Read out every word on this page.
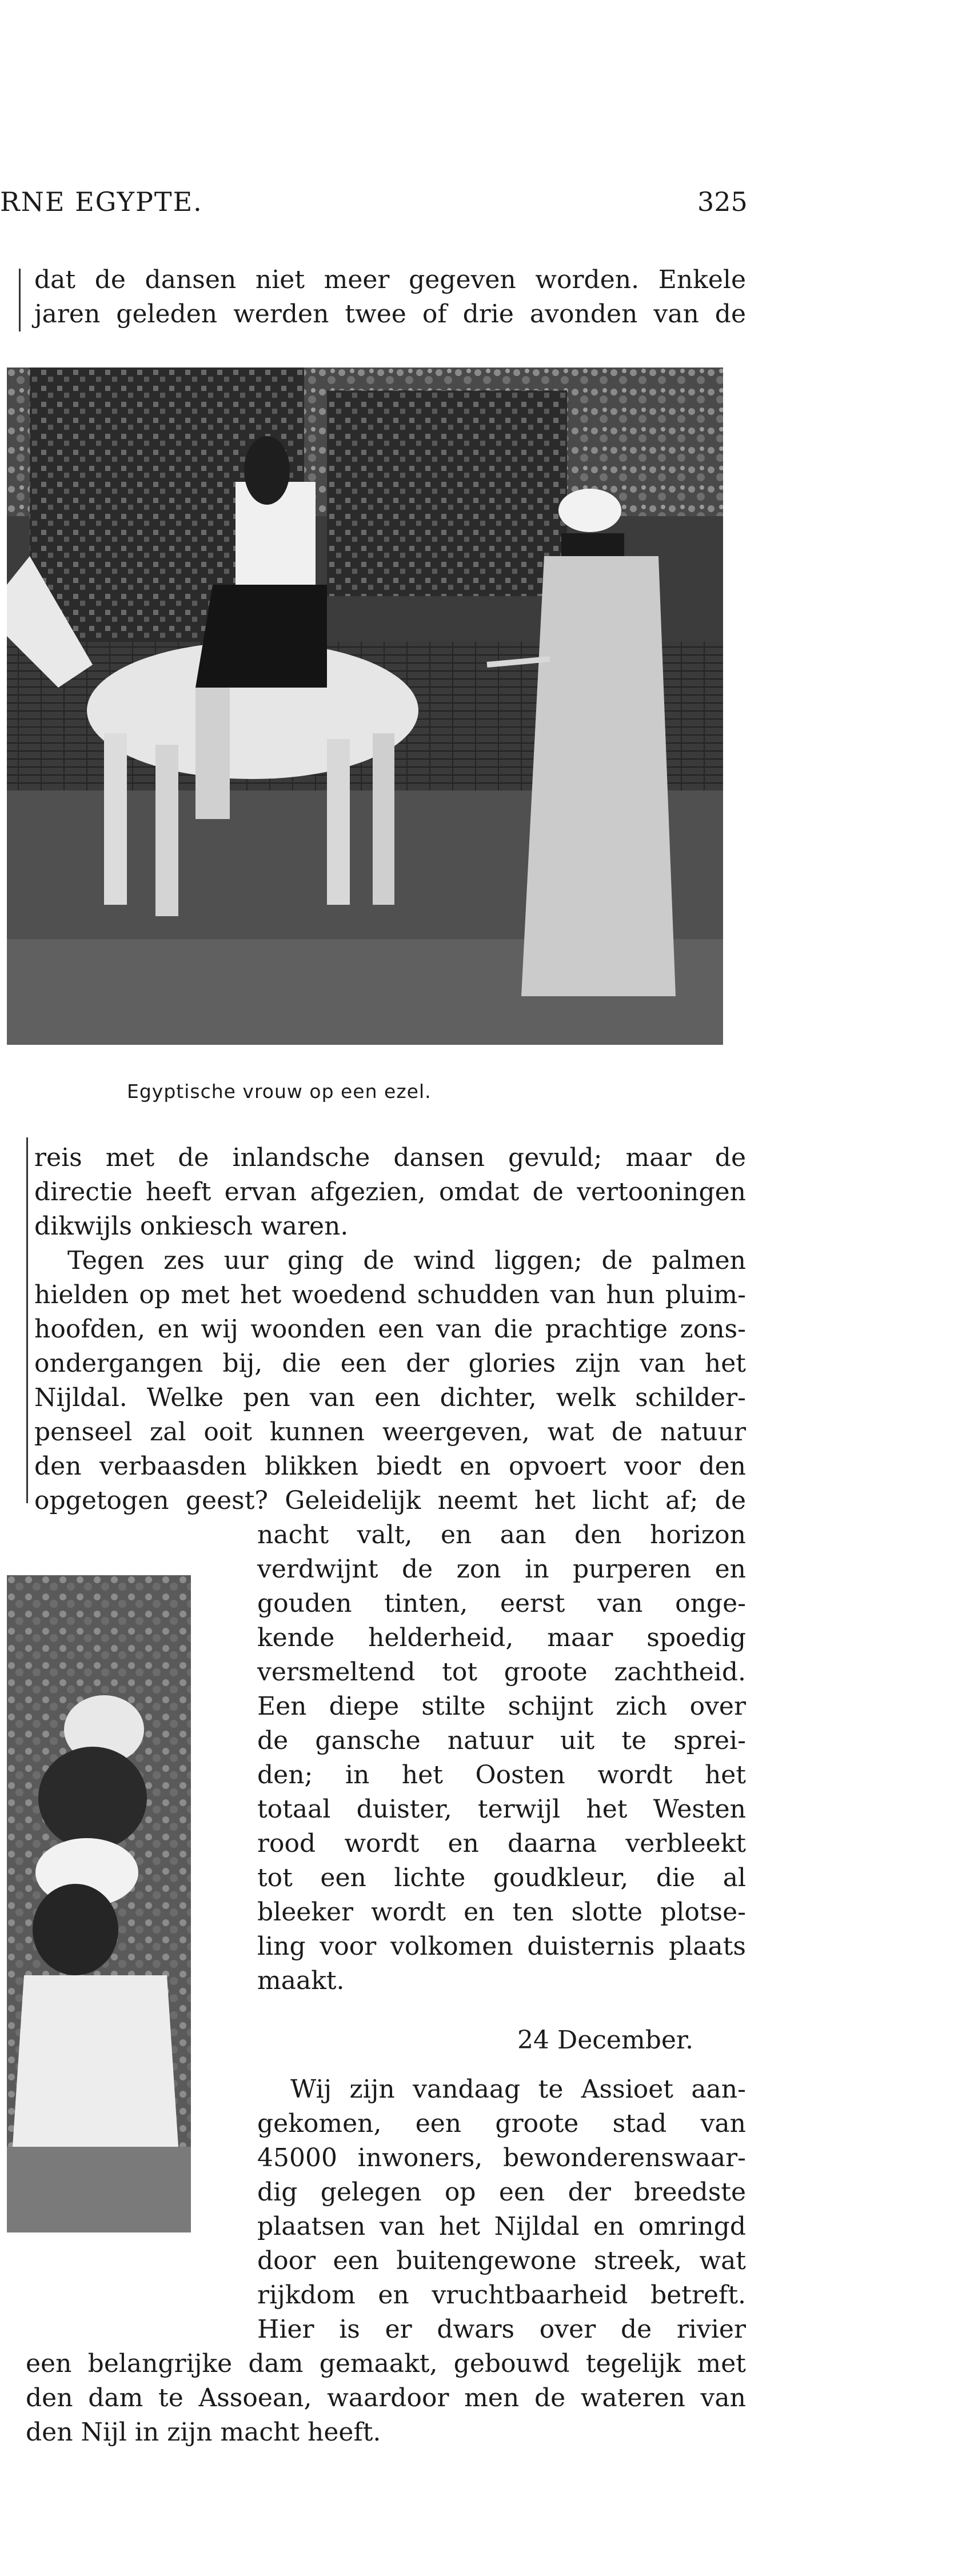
RNE EGYPTE.	325
dat de dansen niet meer gegeven worden. Enkele
jaren geleden werden twee of drie avonden van de
Egyptische vrouw op een ezel.
reis met de inlandsche dansen gevuld; maar de
directie heeft ervan afgezien, omdat de vertooningen
dikwijls onkiesch waren.
Tegen zes uur ging de wind liggen; de palmen
hielden op met het woedend schudden van hun pluim-
hoofden, en wij woonden een van die prachtige zons-
ondergangen bij, die een der glories zijn van het
Nijldal. Welke pen van een dichter, welk schilder-
penseel zal ooit kunnen weergeven, wat de natuur
den verbaasden blikken biedt en opvoert voor den
opgetogen geest? Geleidelijk neemt het licht af; de
nacht valt, en aan den horizon
verdwijnt de zon in purperen en
gouden tinten, eerst van onge-
kende helderheid, maar spoedig
versmeltend tot groote zachtheid.
Een diepe stilte schijnt zich over
de gansche natuur uit te sprei-
den; in het Oosten wordt het
totaal duister, terwijl het Westen
rood wordt en daarna verbleekt
tot een lichte goudkleur, die al
bleeker wordt en ten slotte plotse-
ling voor volkomen duisternis plaats
maakt.
24 December.
Wij zijn vandaag te Assioet aan-
gekomen, een groote stad van
45000 inwoners, bewonderenswaar-
dig gelegen op een der breedste
plaatsen van het Nijldal en omringd
door een buitengewone streek, wat
rijkdom en vruchtbaarheid betreft.
Hier is er dwars over de rivier
een belangrijke dam gemaakt, gebouwd tegelijk met
den dam te Assoean, waardoor men de wateren van
den Nijl in zijn macht heeft.
